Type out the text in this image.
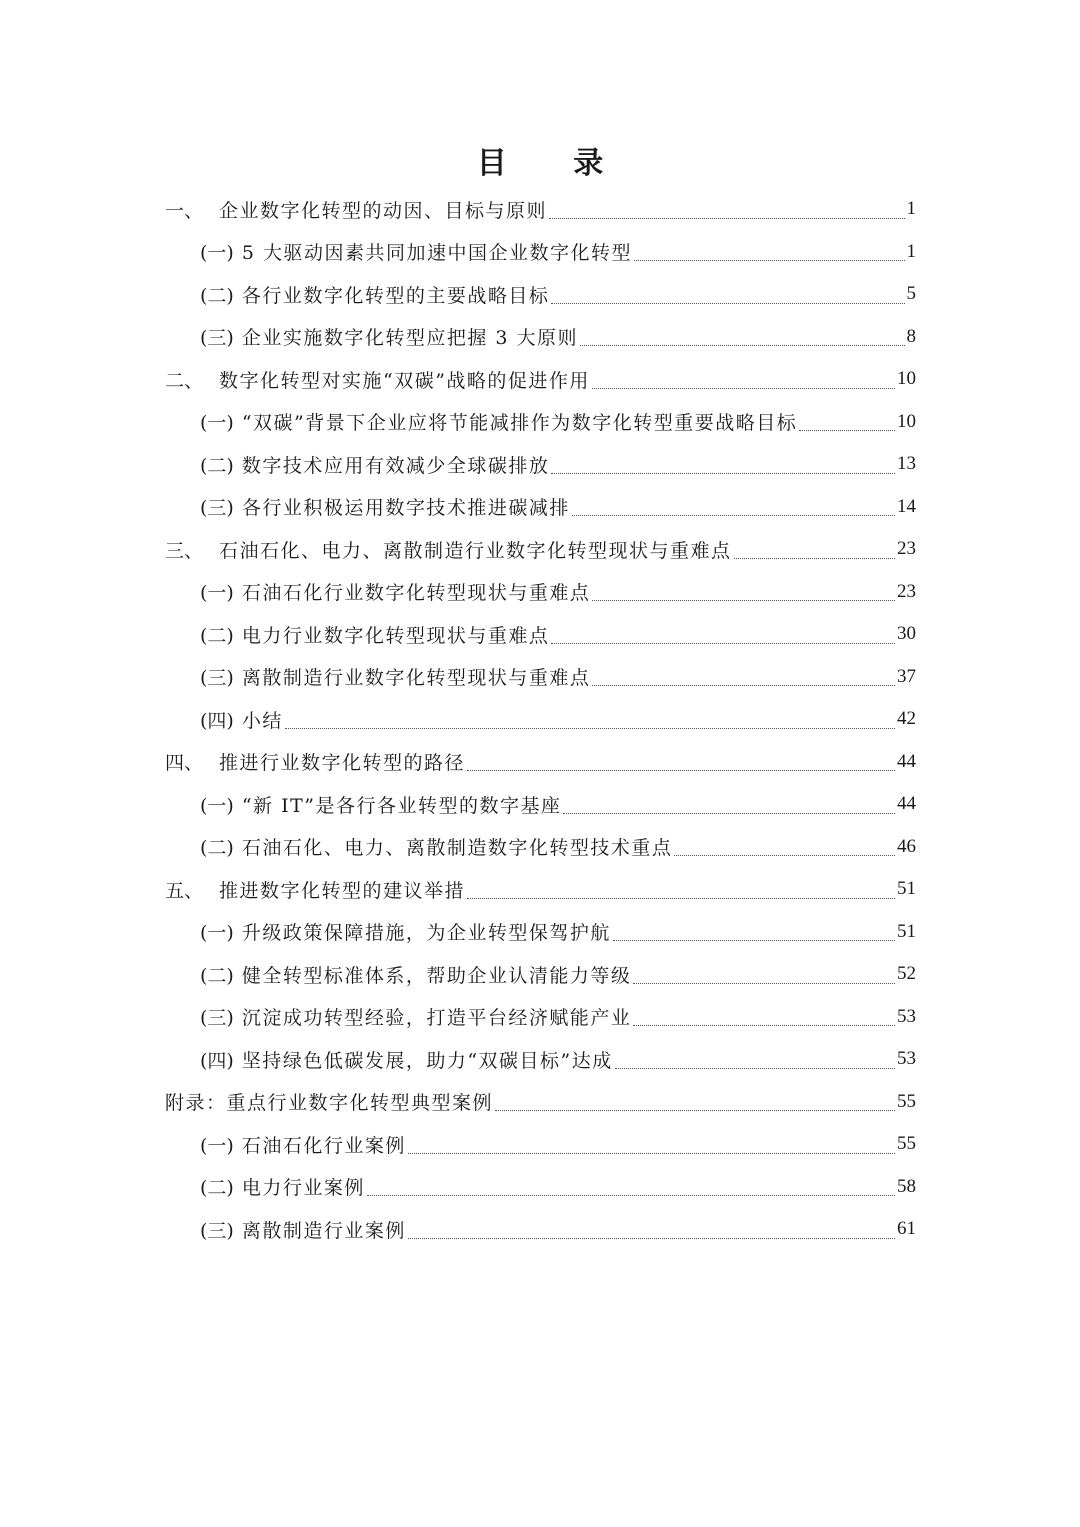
目 录
一、 企业数字化转型的动因、目标与原则	1
(一) 5 大驱动因素共同加速中国企业数字化转型	1
(二) 各行业数字化转型的主要战略目标	5
(三) 企业实施数字化转型应把握 3 大原则	8
二、 数字化转型对实施“双碳”战略的促进作用	10
(一) “双碳”背景下企业应将节能减排作为数字化转型重要战略目标	10
(二) 数字技术应用有效减少全球碳排放	13
(三) 各行业积极运用数字技术推进碳减排	14
三、 石油石化、电力、离散制造行业数字化转型现状与重难点	23
(一) 石油石化行业数字化转型现状与重难点	23
(二) 电力行业数字化转型现状与重难点	30
(三) 离散制造行业数字化转型现状与重难点	37
(四) 小结	42
四、 推进行业数字化转型的路径	44
(一) “新 IT”是各行各业转型的数字基座	44
(二) 石油石化、电力、离散制造数字化转型技术重点	46
五、 推进数字化转型的建议举措	51
(一) 升级政策保障措施，为企业转型保驾护航	51
(二) 健全转型标准体系，帮助企业认清能力等级	52
(三) 沉淀成功转型经验，打造平台经济赋能产业	53
(四) 坚持绿色低碳发展，助力“双碳目标”达成	53
附录：重点行业数字化转型典型案例	55
(一) 石油石化行业案例	55
(二) 电力行业案例	58
(三) 离散制造行业案例	61
